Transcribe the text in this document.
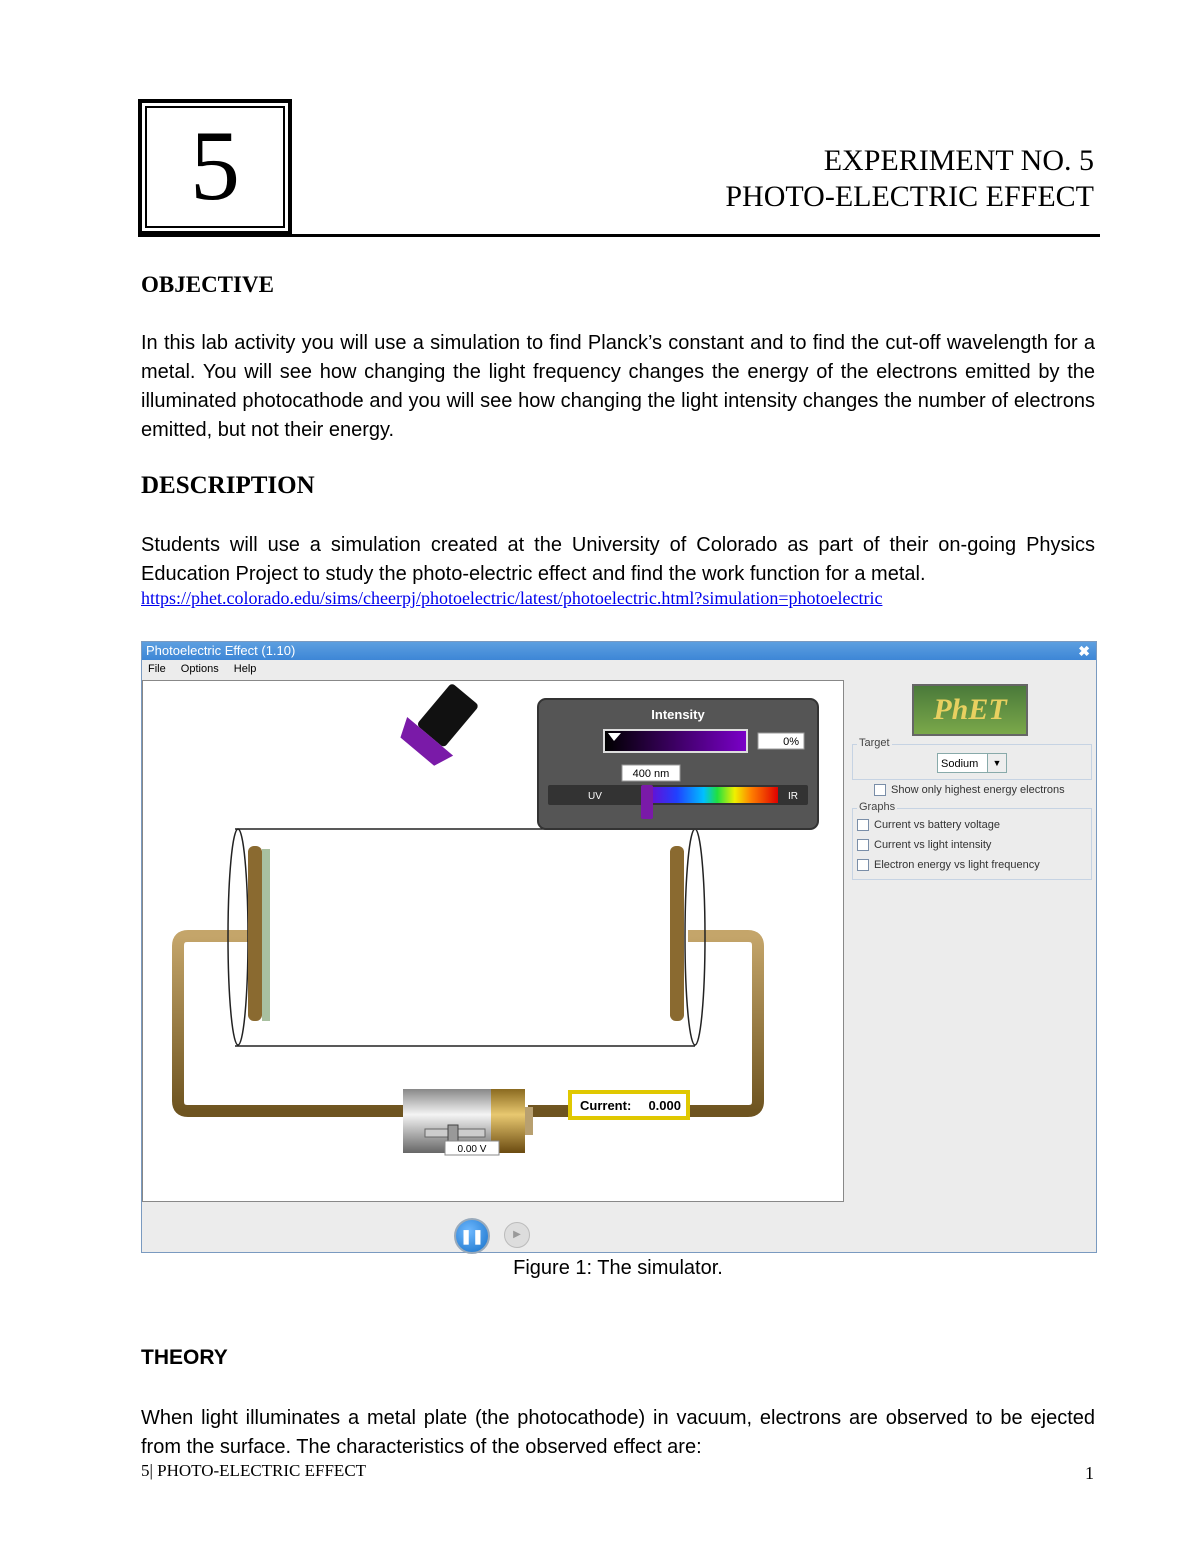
5	EXPERIMENT NO. 5
PHOTO-ELECTRIC EFFECT
OBJECTIVE
In this lab activity you will use a simulation to find Planck’s constant and to find the cut-off wavelength for a metal. You will see how changing the light frequency changes the energy of the electrons emitted by the illuminated photocathode and you will see how changing the light intensity changes the number of electrons emitted, but not their energy.
DESCRIPTION
Students will use a simulation created at the University of Colorado as part of their on-going Physics Education Project to study the photo-electric effect and find the work function for a metal.
https://phet.colorado.edu/sims/cheerpj/photoelectric/latest/photoelectric.html?simulation=photoelectric
Photoelectric Effect (1.10)	✖
File Options Help
Intensity
0%
400 nm
UV	IR
0.00 V
Current: 0.000
PhET
Target
Sodium	▼
Show only highest energy electrons
Graphs
Current vs battery voltage
Current vs light intensity
Electron energy vs light frequency
❚❚	▶
Figure 1: The simulator.
THEORY
When light illuminates a metal plate (the photocathode) in vacuum, electrons are observed to be ejected from the surface. The characteristics of the observed effect are:
5| PHOTO-ELECTRIC EFFECT	1
